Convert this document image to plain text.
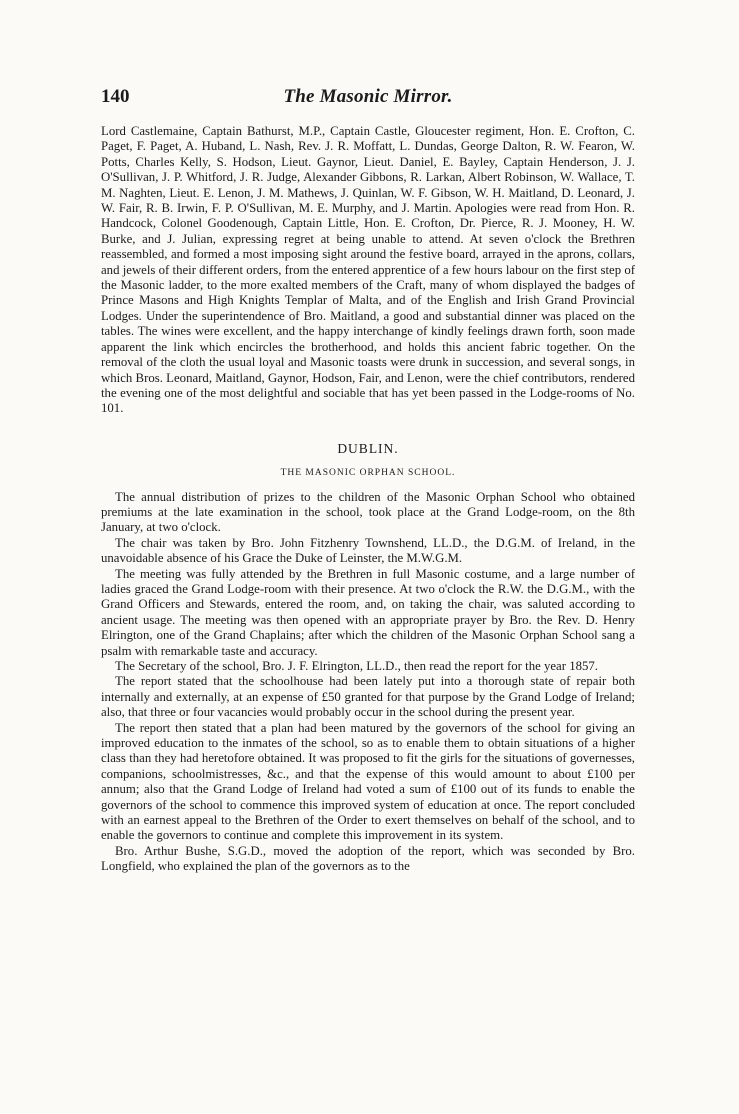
140	The Masonic Mirror.

Lord Castlemaine, Captain Bathurst, M.P., Captain Castle, Gloucester regiment, Hon. E. Crofton, C. Paget, F. Paget, A. Huband, L. Nash, Rev. J. R. Moffatt, L. Dundas, George Dalton, R. W. Fearon, W. Potts, Charles Kelly, S. Hodson, Lieut. Gaynor, Lieut. Daniel, E. Bayley, Captain Henderson, J. J. O'Sullivan, J. P. Whitford, J. R. Judge, Alexander Gibbons, R. Larkan, Albert Robinson, W. Wallace, T. M. Naghten, Lieut. E. Lenon, J. M. Mathews, J. Quinlan, W. F. Gibson, W. H. Maitland, D. Leonard, J. W. Fair, R. B. Irwin, F. P. O'Sullivan, M. E. Murphy, and J. Martin. Apologies were read from Hon. R. Handcock, Colonel Goodenough, Captain Little, Hon. E. Crofton, Dr. Pierce, R. J. Mooney, H. W. Burke, and J. Julian, expressing regret at being unable to attend. At seven o'clock the Brethren reassembled, and formed a most imposing sight around the festive board, arrayed in the aprons, collars, and jewels of their different orders, from the entered apprentice of a few hours labour on the first step of the Masonic ladder, to the more exalted members of the Craft, many of whom displayed the badges of Prince Masons and High Knights Templar of Malta, and of the English and Irish Grand Provincial Lodges. Under the superintendence of Bro. Maitland, a good and substantial dinner was placed on the tables. The wines were excellent, and the happy interchange of kindly feelings drawn forth, soon made apparent the link which encircles the brotherhood, and holds this ancient fabric together. On the removal of the cloth the usual loyal and Masonic toasts were drunk in succession, and several songs, in which Bros. Leonard, Maitland, Gaynor, Hodson, Fair, and Lenon, were the chief contributors, rendered the evening one of the most delightful and sociable that has yet been passed in the Lodge-rooms of No. 101.

DUBLIN.
THE MASONIC ORPHAN SCHOOL.

The annual distribution of prizes to the children of the Masonic Orphan School who obtained premiums at the late examination in the school, took place at the Grand Lodge-room, on the 8th January, at two o'clock.

The chair was taken by Bro. John Fitzhenry Townshend, LL.D., the D.G.M. of Ireland, in the unavoidable absence of his Grace the Duke of Leinster, the M.W.G.M.

The meeting was fully attended by the Brethren in full Masonic costume, and a large number of ladies graced the Grand Lodge-room with their presence. At two o'clock the R.W. the D.G.M., with the Grand Officers and Stewards, entered the room, and, on taking the chair, was saluted according to ancient usage. The meeting was then opened with an appropriate prayer by Bro. the Rev. D. Henry Elrington, one of the Grand Chaplains; after which the children of the Masonic Orphan School sang a psalm with remarkable taste and accuracy.

The Secretary of the school, Bro. J. F. Elrington, LL.D., then read the report for the year 1857.

The report stated that the schoolhouse had been lately put into a thorough state of repair both internally and externally, at an expense of £50 granted for that purpose by the Grand Lodge of Ireland; also, that three or four vacancies would probably occur in the school during the present year.

The report then stated that a plan had been matured by the governors of the school for giving an improved education to the inmates of the school, so as to enable them to obtain situations of a higher class than they had heretofore obtained. It was proposed to fit the girls for the situations of governesses, companions, schoolmistresses, &c., and that the expense of this would amount to about £100 per annum; also that the Grand Lodge of Ireland had voted a sum of £100 out of its funds to enable the governors of the school to commence this improved system of education at once. The report concluded with an earnest appeal to the Brethren of the Order to exert themselves on behalf of the school, and to enable the governors to continue and complete this improvement in its system.

Bro. Arthur Bushe, S.G.D., moved the adoption of the report, which was seconded by Bro. Longfield, who explained the plan of the governors as to the
